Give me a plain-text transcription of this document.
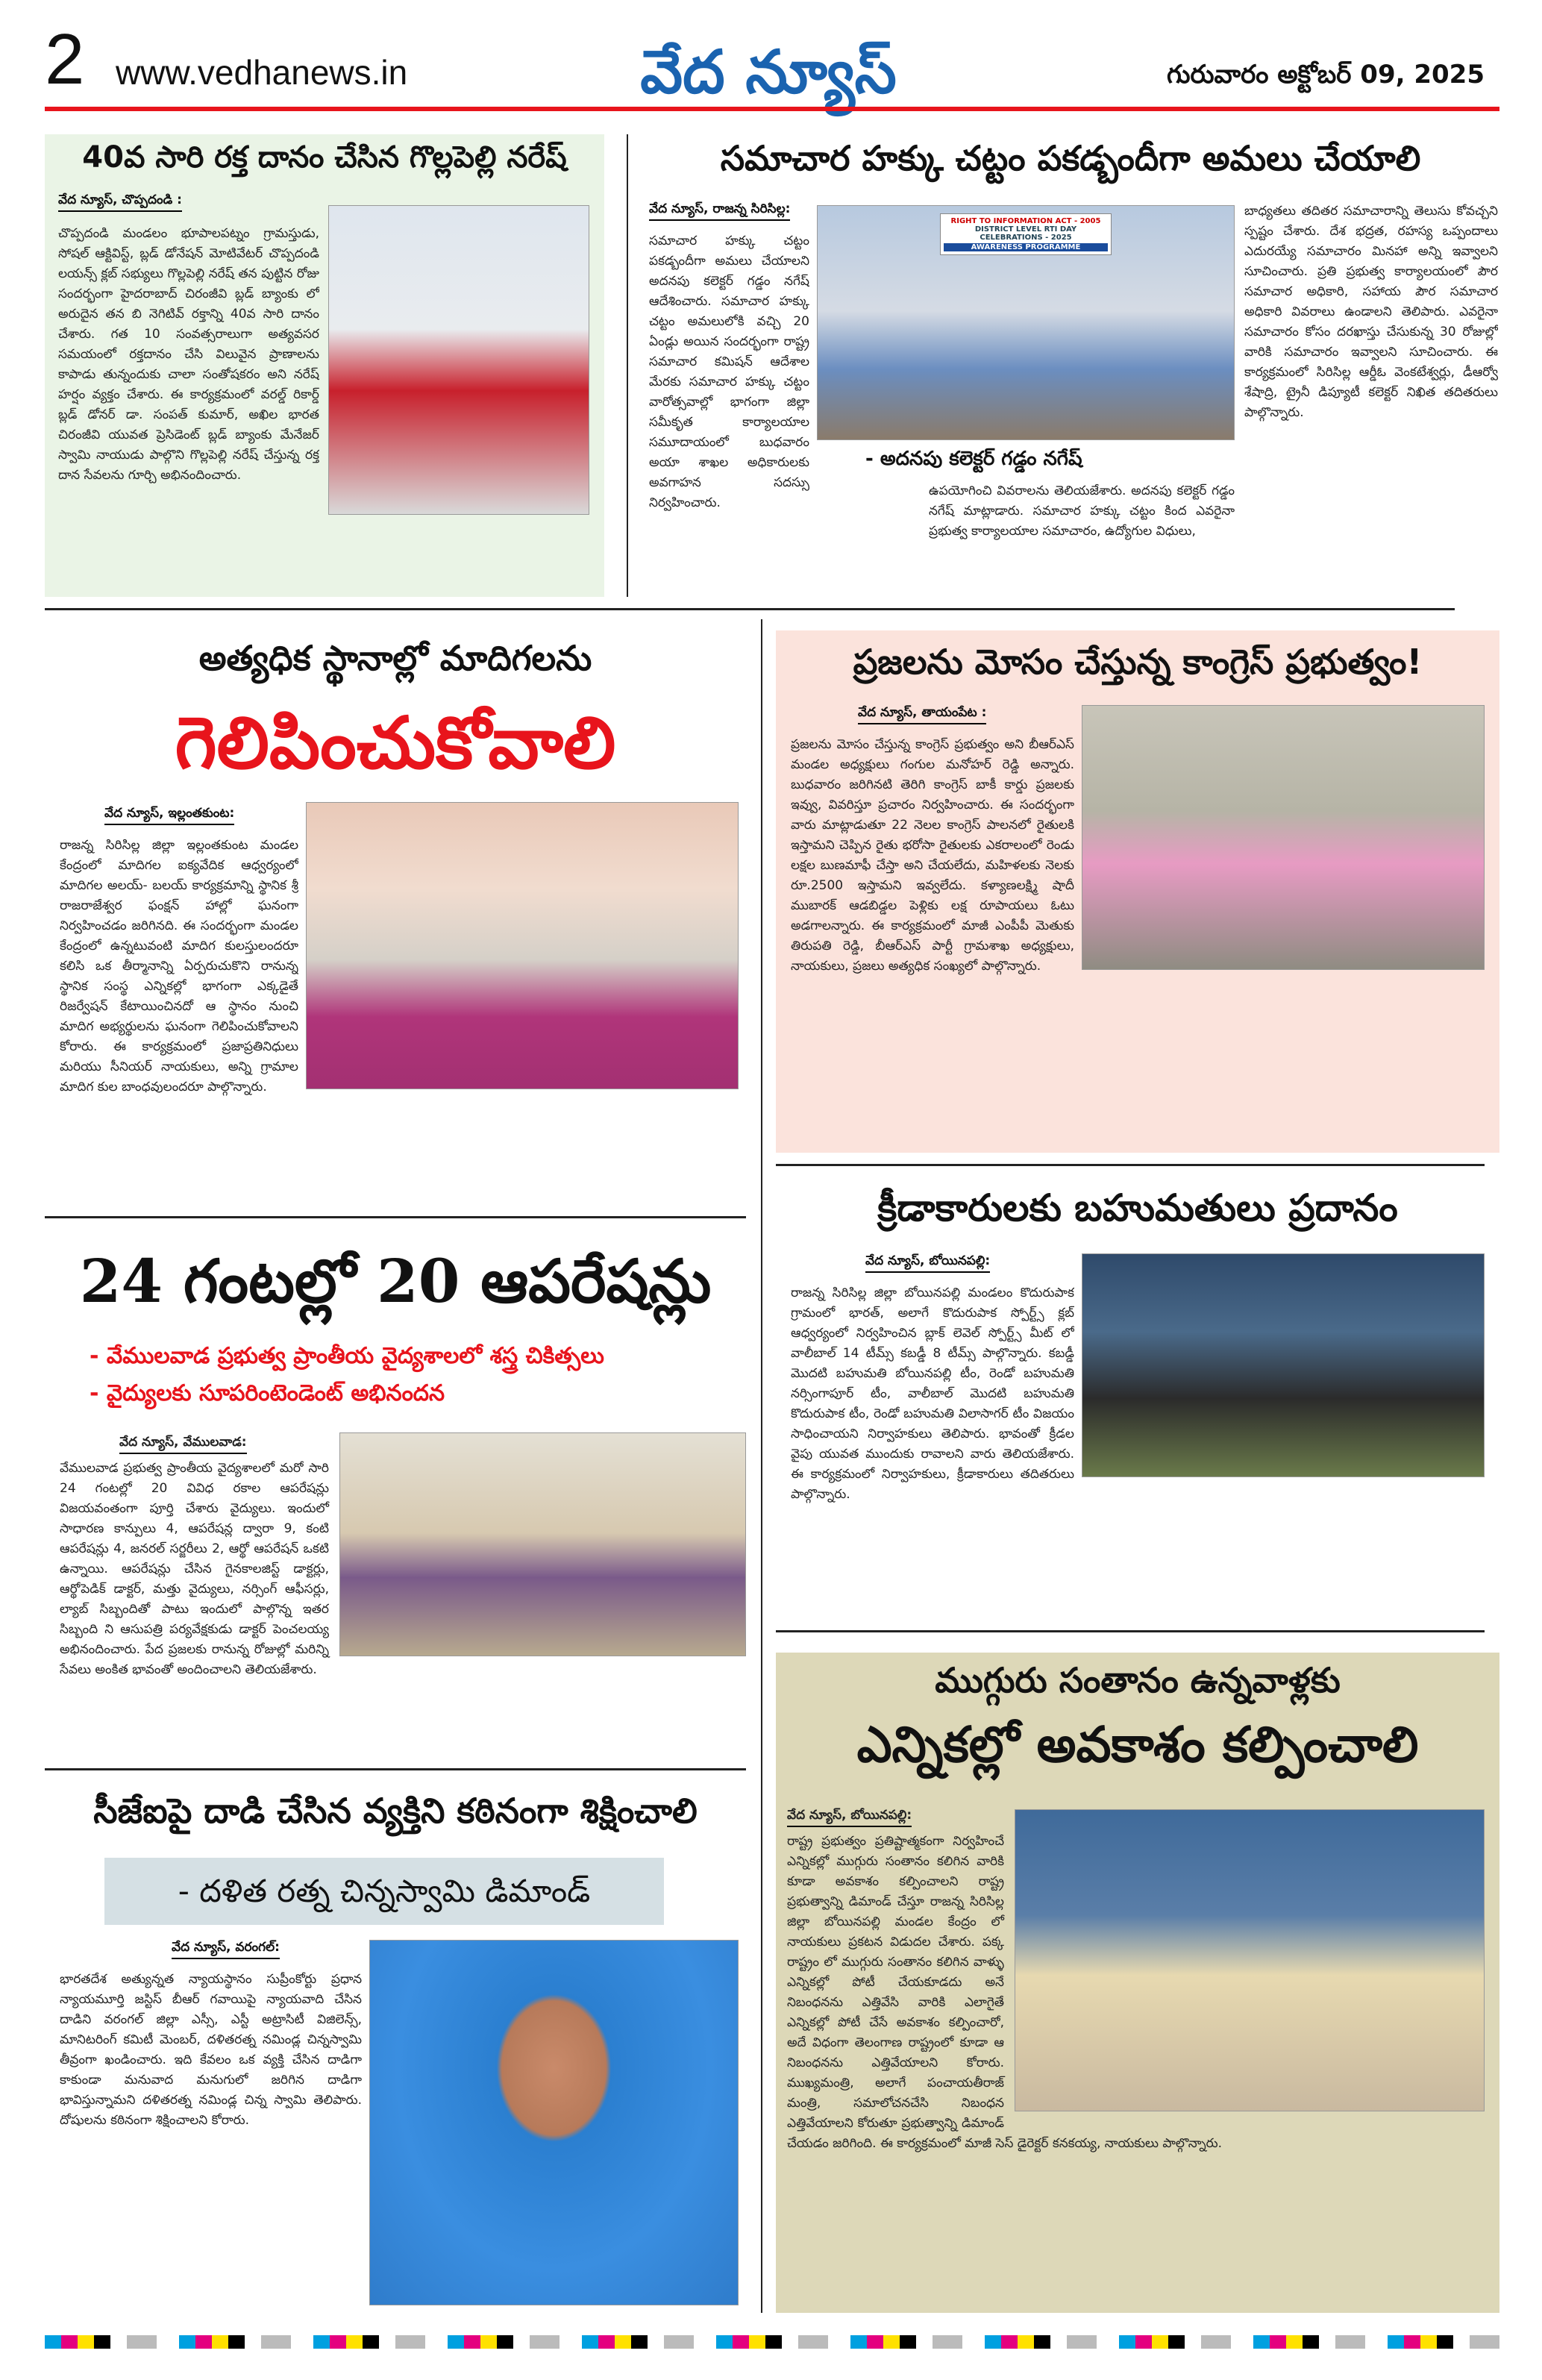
2 www.vedhanews.in	వేద న్యూస్	గురువారం అక్టోబర్ 09, 2025
40వ సారి రక్త దానం చేసిన గొల్లపెల్లి నరేష్
వేద న్యూస్, చొప్పదండి :
చొప్పదండి మండలం భూపాలపట్నం గ్రామస్తుడు, సోషల్ ఆక్టివిస్ట్, బ్లడ్ డోనేషన్ మోటివేటర్ చొప్పదండి లయన్స్ క్లబ్ సభ్యులు గొల్లపెల్లి నరేష్ తన పుట్టిన రోజు సందర్భంగా హైదరాబాద్ చిరంజీవి బ్లడ్ బ్యాంకు లో అరుదైన తన బి నెగిటివ్ రక్తాన్ని 40వ సారి దానం చేశారు. గత 10 సంవత్సరాలుగా అత్యవసర సమయంలో రక్తదానం చేసి విలువైన ప్రాణాలను కాపాడు తున్నందుకు చాలా సంతోషకరం అని నరేష్ హర్షం వ్యక్తం చేశారు. ఈ కార్యక్రమంలో వరల్డ్ రికార్డ్ బ్లడ్ డోనర్ డా. సంపత్ కుమార్, అఖిల భారత చిరంజీవి యువత ప్రెసిడెంట్ బ్లడ్ బ్యాంకు మేనేజర్ స్వామి నాయుడు పాల్గొని గొల్లపెల్లి నరేష్ చేస్తున్న రక్త దాన సేవలను గూర్చి అభినందించారు.
సమాచార హక్కు చట్టం పకడ్బందీగా అమలు చేయాలి
వేద న్యూస్, రాజన్న సిరిసిల్ల:
సమాచార హక్కు చట్టం పకడ్బందీగా అమలు చేయాలని అదనపు కలెక్టర్ గడ్డం నగేష్ ఆదేశించారు. సమాచార హక్కు చట్టం అమలులోకి వచ్చి 20 ఏండ్లు అయిన సందర్భంగా రాష్ట్ర సమాచార కమిషన్ ఆదేశాల మేరకు సమాచార హక్కు చట్టం వారోత్సవాల్లో భాగంగా జిల్లా సమీకృత కార్యాలయాల సమూదాయంలో బుధవారం అయా శాఖల అధికారులకు అవగాహన సదస్సు నిర్వహించారు.
RIGHT TO INFORMATION ACT - 2005
DISTRICT LEVEL RTI DAY CELEBRATIONS - 2025
AWARENESS PROGRAMME
- అదనపు కలెక్టర్ గడ్డం నగేష్
ఉపయోగించి వివరాలను తెలియజేశారు. అదనపు కలెక్టర్ గడ్డం నగేష్ మాట్లాడారు. సమాచార హక్కు చట్టం కింద ఎవరైనా ప్రభుత్వ కార్యాలయాల సమాచారం, ఉద్యోగుల విధులు,
బాధ్యతలు తదితర సమాచారాన్ని తెలుసు కోవచ్చని స్పష్టం చేశారు. దేశ భద్రత, రహస్య ఒప్పందాలు ఎదురయ్యే సమాచారం మినహా అన్ని ఇవ్వాలని సూచించారు. ప్రతి ప్రభుత్వ కార్యాలయంలో పౌర సమాచార అధికారి, సహాయ పౌర సమాచార అధికారి వివరాలు ఉండాలని తెలిపారు. ఎవరైనా సమాచారం కోసం దరఖాస్తు చేసుకున్న 30 రోజుల్లో వారికి సమాచారం ఇవ్వాలని సూచించారు. ఈ కార్యక్రమంలో సిరిసిల్ల ఆర్డీఓ వెంకటేశ్వర్లు, డీఆర్వో శేషాద్రి, ట్రైనీ డిప్యూటీ కలెక్టర్ నిఖిత తదితరులు పాల్గొన్నారు.
అత్యధిక స్థానాల్లో మాదిగలను
గెలిపించుకోవాలి
వేద న్యూస్, ఇల్లంతకుంట:
రాజన్న సిరిసిల్ల జిల్లా ఇల్లంతకుంట మండల కేంద్రంలో మాదిగల ఐక్యవేదిక ఆధ్వర్యంలో మాదిగల అలయ్- బలయ్ కార్యక్రమాన్ని స్థానిక శ్రీ రాజరాజేశ్వర ఫంక్షన్ హాల్లో ఘనంగా నిర్వహించడం జరిగినది. ఈ సందర్భంగా మండల కేంద్రంలో ఉన్నటువంటి మాదిగ కులస్తులందరూ కలిసి ఒక తీర్మానాన్ని ఏర్పరుచుకొని రానున్న స్థానిక సంస్థ ఎన్నికల్లో భాగంగా ఎక్కడైతే రిజర్వేషన్ కేటాయించినదో ఆ స్థానం నుంచి మాదిగ అభ్యర్థులను ఘనంగా గెలిపించుకోవాలని కోరారు. ఈ కార్యక్రమంలో ప్రజాప్రతినిధులు మరియు సీనియర్ నాయకులు, అన్ని గ్రామాల మాదిగ కుల బాంధవులందరూ పాల్గొన్నారు.
ప్రజలను మోసం చేస్తున్న కాంగ్రెస్ ప్రభుత్వం!
వేద న్యూస్, తాయంపేట :
ప్రజలను మోసం చేస్తున్న కాంగ్రెస్ ప్రభుత్వం అని బీఆర్ఎస్ మండల అధ్యక్షులు గంగుల మనోహర్ రెడ్డి అన్నారు. బుధవారం జరిగినటి తెరిగి కాంగ్రెస్ బాకీ కార్డు ప్రజలకు ఇవ్వు, వివరిస్తూ ప్రచారం నిర్వహించారు. ఈ సందర్భంగా వారు మాట్లాడుతూ 22 నెలల కాంగ్రెస్ పాలనలో రైతులకి ఇస్తామని చెప్పిన రైతు భరోసా రైతులకు ఎకరాలంలో రెండు లక్షల బుణమాఫీ చేస్తా అని చేయలేదు, మహిళలకు నెలకు రూ.2500 ఇస్తామని ఇవ్వలేదు. కళ్యాణలక్ష్మి షాదీ ముబారక్ ఆడబిడ్డల పెళ్లికు లక్ష రూపాయలు ఓటు అడగాలన్నారు. ఈ కార్యక్రమంలో మాజీ ఎంపీపీ మెతుకు తిరుపతి రెడ్డి, బీఆర్ఎస్ పార్టీ గ్రామశాఖ అధ్యక్షులు, నాయకులు, ప్రజలు అత్యధిక సంఖ్యలో పాల్గొన్నారు.
క్రీడాకారులకు బహుమతులు ప్రదానం
వేద న్యూస్, బోయినపల్లి:
రాజన్న సిరిసిల్ల జిల్లా బోయినపల్లి మండలం కొదురుపాక గ్రామంలో భారత్, అలాగే కొదురుపాక స్పోర్ట్స్ క్లబ్ ఆధ్వర్యంలో నిర్వహించిన బ్లాక్ లెవెల్ స్పోర్ట్స్ మీట్ లో వాలీబాల్ 14 టీమ్స్ కబడ్డీ 8 టీమ్స్ పాల్గొన్నారు. కబడ్డీ మొదటి బహుమతి బోయినపల్లి టీం, రెండో బహుమతి నర్సింగాపూర్ టీం, వాలీబాల్ మొదటి బహుమతి కొదురుపాక టీం, రెండో బహుమతి విలాసాగర్ టీం విజయం సాధించాయని నిర్వాహకులు తెలిపారు. భావంతో క్రీడల వైపు యువత ముందుకు రావాలని వారు తెలియజేశారు. ఈ కార్యక్రమంలో నిర్వాహకులు, క్రీడాకారులు తదితరులు పాల్గొన్నారు.
24 గంటల్లో 20 ఆపరేషన్లు
- వేములవాడ ప్రభుత్వ ప్రాంతీయ వైద్యశాలలో శస్త్ర చికిత్సలు
- వైద్యులకు సూపరింటెండెంట్ అభినందన
వేద న్యూస్, వేములవాడ:
వేములవాడ ప్రభుత్వ ప్రాంతీయ వైద్యశాలలో మరో సారి 24 గంటల్లో 20 వివిధ రకాల ఆపరేషన్లు విజయవంతంగా పూర్తి చేశారు వైద్యులు. ఇందులో సాధారణ కాన్పులు 4, ఆపరేషన్ల ద్వారా 9, కంటి ఆపరేషన్లు 4, జనరల్ సర్జరీలు 2, ఆర్థో ఆపరేషన్ ఒకటి ఉన్నాయి. ఆపరేషన్లు చేసిన గైనకాలజిస్ట్ డాక్టర్లు, ఆర్థోపెడిక్ డాక్టర్, మత్తు వైద్యులు, నర్సింగ్ ఆఫీసర్లు, ల్యాబ్ సిబ్బందితో పాటు ఇందులో పాల్గొన్న ఇతర సిబ్బంది ని ఆసుపత్రి పర్యవేక్షకుడు డాక్టర్ పెంచలయ్య అభినందించారు. పేద ప్రజలకు రానున్న రోజుల్లో మరిన్ని సేవలు అంకిత భావంతో అందించాలని తెలియజేశారు.
సీజేఐపై దాడి చేసిన వ్యక్తిని కఠినంగా శిక్షించాలి
- దళిత రత్న చిన్నస్వామి డిమాండ్
వేద న్యూస్, వరంగల్:
భారతదేశ అత్యున్నత న్యాయస్థానం సుప్రీంకోర్టు ప్రధాన న్యాయమూర్తి జస్టిస్ బీఆర్ గవాయిపై న్యాయవాది చేసిన దాడిని వరంగల్ జిల్లా ఎస్సీ, ఎస్టీ అట్రాసిటీ విజిలెన్స్, మానిటరింగ్ కమిటీ మెంబర్, దళితరత్న నమిండ్ల చిన్నస్వామి తీవ్రంగా ఖండించారు. ఇది కేవలం ఒక వ్యక్తి చేసిన దాడిగా కాకుండా మనువాద మనుగులో జరిగిన దాడిగా భావిస్తున్నామని దళితరత్న నమిండ్ల చిన్న స్వామి తెలిపారు. దోషులను కఠినంగా శిక్షించాలని కోరారు.
ముగ్గురు సంతానం ఉన్నవాళ్లకు
ఎన్నికల్లో అవకాశం కల్పించాలి
వేద న్యూస్, బోయినపల్లి:
రాష్ట్ర ప్రభుత్వం ప్రతిష్టాత్మకంగా నిర్వహించే ఎన్నికల్లో ముగ్గురు సంతానం కలిగిన వారికి కూడా అవకాశం కల్పించాలని రాష్ట్ర ప్రభుత్వాన్ని డిమాండ్ చేస్తూ రాజన్న సిరిసిల్ల జిల్లా బోయినపల్లి మండల కేంద్రం లో నాయకులు ప్రకటన విడుదల చేశారు. పక్క రాష్ట్రం లో ముగ్గురు సంతానం కలిగిన వాళ్ళు ఎన్నికల్లో పోటీ చేయకూడదు అనే నిబంధనను ఎత్తివేసి వారికి ఎలాగైతే ఎన్నికల్లో పోటీ చేసే అవకాశం కల్పించారో, అదే విధంగా తెలంగాణ రాష్ట్రంలో కూడా ఆ నిబంధనను ఎత్తివేయాలని కోరారు. ముఖ్యమంత్రి, అలాగే పంచాయతీరాజ్ మంత్రి, సమాలోచనచేసి నిబంధన ఎత్తివేయాలని కోరుతూ ప్రభుత్వాన్ని డిమాండ్ చేయడం జరిగింది. ఈ కార్యక్రమంలో మాజీ సెస్ డైరెక్టర్ కనకయ్య, నాయకులు పాల్గొన్నారు.
